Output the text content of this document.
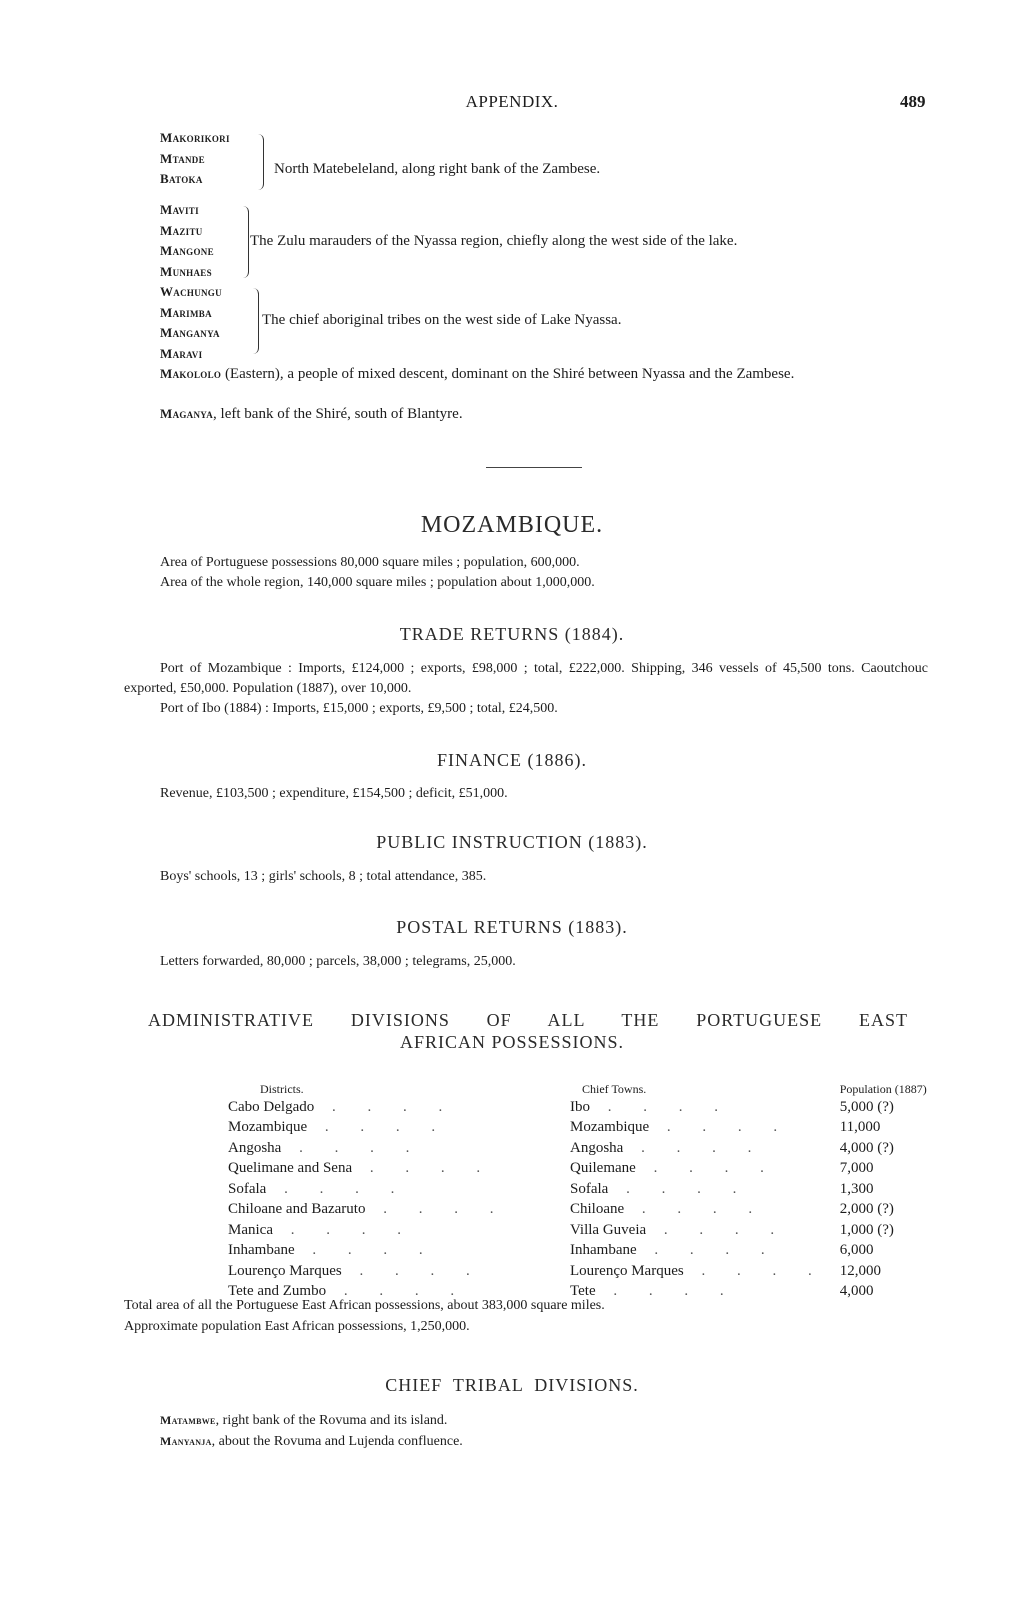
APPENDIX.	489
Makorikori
Mtande
Batoka
North Matebeleland, along right bank of the Zambese.
Maviti
Mazitu
Mangone
Munhaes
The Zulu marauders of the Nyassa region, chiefly along the west side of the lake.
Wachungu
Marimba
Manganya
Maravi
The chief aboriginal tribes on the west side of Lake Nyassa.
Makololo (Eastern), a people of mixed descent, dominant on the Shiré between Nyassa and the Zambese.
Maganya, left bank of the Shiré, south of Blantyre.
MOZAMBIQUE.
Area of Portuguese possessions 80,000 square miles ; population, 600,000.
Area of the whole region, 140,000 square miles ; population about 1,000,000.
TRADE RETURNS (1884).
Port of Mozambique : Imports, £124,000 ; exports, £98,000 ; total, £222,000. Shipping, 346 vessels of 45,500 tons. Caoutchouc exported, £50,000. Population (1887), over 10,000.
Port of Ibo (1884) : Imports, £15,000 ; exports, £9,500 ; total, £24,500.
FINANCE (1886).
Revenue, £103,500 ; expenditure, £154,500 ; deficit, £51,000.
PUBLIC INSTRUCTION (1883).
Boys' schools, 13 ; girls' schools, 8 ; total attendance, 385.
POSTAL RETURNS (1883).
Letters forwarded, 80,000 ; parcels, 38,000 ; telegrams, 25,000.
ADMINISTRATIVE   DIVISIONS   OF   ALL   THE   PORTUGUESE   EAST
AFRICAN POSSESSIONS.
Districts.	Chief Towns.	Population (1887)
Cabo Delgado . . . .	Ibo . . . .	5,000 (?)
Mozambique . . . .	Mozambique . . . .	11,000
Angosha . . . .	Angosha . . . .	4,000 (?)
Quelimane and Sena . . . .	Quilemane . . . .	7,000
Sofala . . . .	Sofala . . . .	1,300
Chiloane and Bazaruto . . . .	Chiloane . . . .	2,000 (?)
Manica . . . .	Villa Guveia . . . .	1,000 (?)
Inhambane . . . .	Inhambane . . . .	6,000
Lourenço Marques . . . .	Lourenço Marques . . . .	12,000
Tete and Zumbo . . . .	Tete . . . .	4,000
Total area of all the Portuguese East African possessions, about 383,000 square miles.
Approximate population East African possessions, 1,250,000.
CHIEF  TRIBAL  DIVISIONS.
Matambwe, right bank of the Rovuma and its island.
Manyanja, about the Rovuma and Lujenda confluence.
